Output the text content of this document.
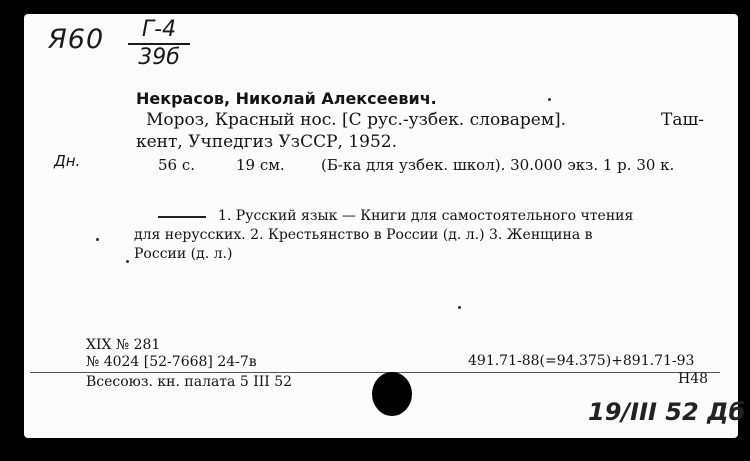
Я60	Г-4
39б
Дн.
Некрасов, Николай Алексеевич.
Мороз, Красный нос. [С рус.-узбек. словарем].	Таш-
кент, Учпедгиз УзССР, 1952.
56 с.	19 см. (Б-ка для узбек. школ). 30.000 экз. 1 р. 30 к.
1. Русский язык — Книги для самостоятельного чтения
для нерусских. 2. Крестьянство в России (д. л.) 3. Женщина в
России (д. л.)
XIX № 281
№ 4024 [52-7668] 24-7в	491.71-88(=94.375)+891.71-93
Всесоюз. кн. палата 5 III 52	H48
19/III 52 Дб
